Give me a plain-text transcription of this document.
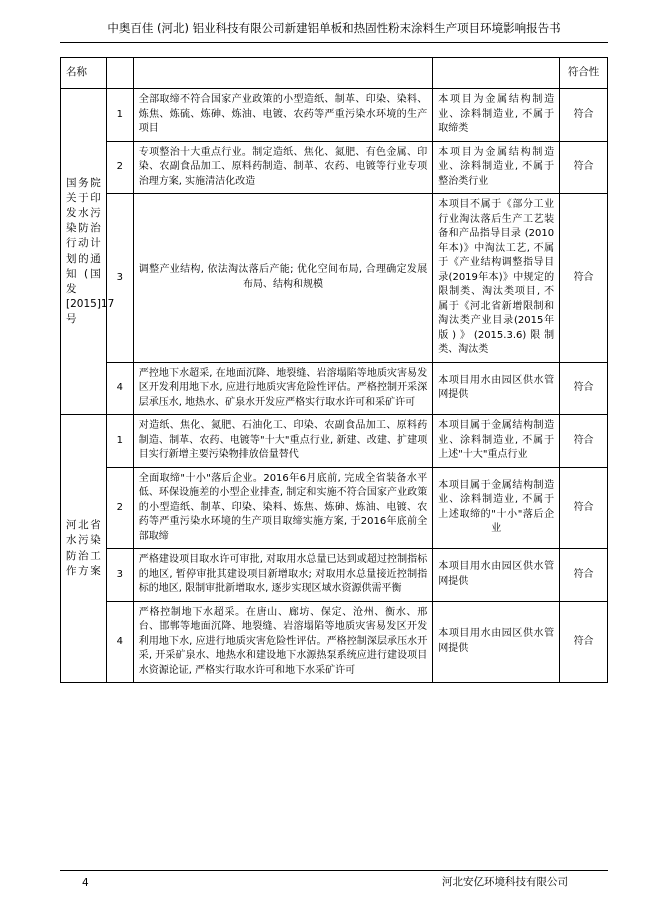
中奥百佳 (河北) 铝业科技有限公司新建铝单板和热固性粉末涂料生产项目环境影响报告书
名称				符合性
国务院关于印发水污染防治行动计划的通知 (国发[2015]17号	1	全部取缔不符合国家产业政策的小型造纸、制革、印染、染料、炼焦、炼硫、炼砷、炼油、电镀、农药等严重污染水环境的生产项目	本项目为金属结构制造业、涂料制造业, 不属于取缔类	符合
	2	专项整治十大重点行业。制定造纸、焦化、氮肥、有色金属、印染、农副食品加工、原料药制造、制革、农药、电镀等行业专项治理方案, 实施清洁化改造	本项目为金属结构制造业、涂料制造业, 不属于整治类行业	符合
	3	调整产业结构, 依法淘汰落后产能; 优化空间布局, 合理确定发展布局、结构和规模	本项目不属于《部分工业行业淘汰落后生产工艺装备和产品指导目录 (2010年本)》中淘汰工艺, 不属于《产业结构调整指导目录(2019年本)》中规定的限制类、淘汰类项目, 不属于《河北省新增限制和淘汰类产业目录(2015年版)》(2015.3.6)限制类、淘汰类	符合
	4	严控地下水超采, 在地面沉降、地裂缝、岩溶塌陷等地质灾害易发区开发利用地下水, 应进行地质灾害危险性评估。严格控制开采深层承压水, 地热水、矿泉水开发应严格实行取水许可和采矿许可	本项目用水由园区供水管网提供	符合
河北省水污染防治工作方案	1	对造纸、焦化、氮肥、石油化工、印染、农副食品加工、原料药制造、制革、农药、电镀等"十大"重点行业, 新建、改建、扩建项目实行新增主要污染物排放倍量替代	本项目属于金属结构制造业、涂料制造业, 不属于上述"十大"重点行业	符合
	2	全面取缔"十小"落后企业。2016年6月底前, 完成全省装备水平低、环保设施差的小型企业排查, 制定和实施不符合国家产业政策的小型造纸、制革、印染、染料、炼焦、炼砷、炼油、电镀、农药等严重污染水环境的生产项目取缔实施方案, 于2016年底前全部取缔	本项目属于金属结构制造业、涂料制造业, 不属于上述取缔的"十小"落后企业	符合
	3	严格建设项目取水许可审批, 对取用水总量已达到或超过控制指标的地区, 暂停审批其建设项目新增取水; 对取用水总量接近控制指标的地区, 限制审批新增取水, 逐步实现区域水资源供需平衡	本项目用水由园区供水管网提供	符合
	4	严格控制地下水超采。在唐山、廊坊、保定、沧州、衡水、邢台、邯郸等地面沉降、地裂缝、岩溶塌陷等地质灾害易发区开发利用地下水, 应进行地质灾害危险性评估。严格控制深层承压水开采, 开采矿泉水、地热水和建设地下水源热泵系统应进行建设项目水资源论证, 严格实行取水许可和地下水采矿许可	本项目用水由园区供水管网提供	符合
4	河北安亿环境科技有限公司
